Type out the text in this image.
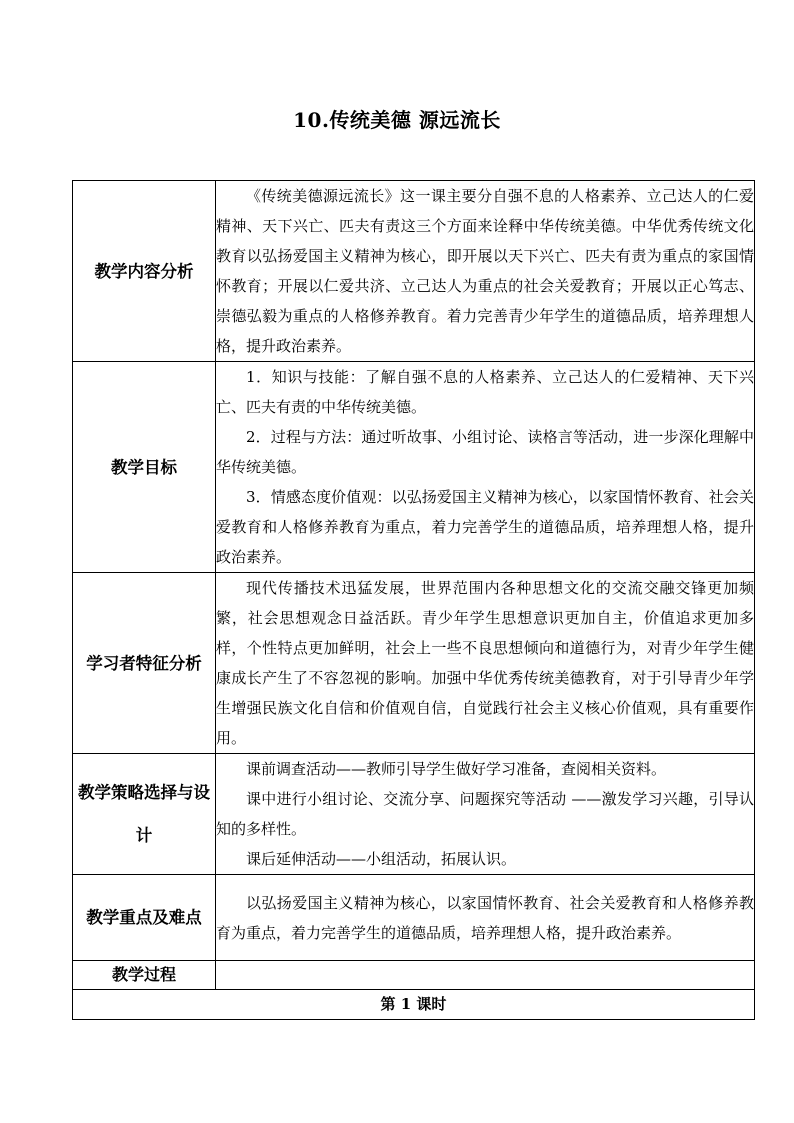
10.传统美德 源远流长
教学内容分析	《传统美德源远流长》这一课主要分自强不息的人格素养、立己达人的仁爱精神、天下兴亡、匹夫有责这三个方面来诠释中华传统美德。中华优秀传统文化教育以弘扬爱国主义精神为核心，即开展以天下兴亡、匹夫有责为重点的家国情怀教育；开展以仁爱共济、立己达人为重点的社会关爱教育；开展以正心笃志、崇德弘毅为重点的人格修养教育。着力完善青少年学生的道德品质，培养理想人格，提升政治素养。

教学目标	1．知识与技能：了解自强不息的人格素养、立己达人的仁爱精神、天下兴亡、匹夫有责的中华传统美德。

2．过程与方法：通过听故事、小组讨论、读格言等活动，进一步深化理解中华传统美德。

3．情感态度价值观：以弘扬爱国主义精神为核心，以家国情怀教育、社会关爱教育和人格修养教育为重点，着力完善学生的道德品质，培养理想人格，提升政治素养。

学习者特征分析	现代传播技术迅猛发展，世界范围内各种思想文化的交流交融交锋更加频繁，社会思想观念日益活跃。青少年学生思想意识更加自主，价值追求更加多样，个性特点更加鲜明，社会上一些不良思想倾向和道德行为，对青少年学生健康成长产生了不容忽视的影响。加强中华优秀传统美德教育，对于引导青少年学生增强民族文化自信和价值观自信，自觉践行社会主义核心价值观，具有重要作用。

教学策略选择与设计	课前调查活动——教师引导学生做好学习准备，查阅相关资料。

课中进行小组讨论、交流分享、问题探究等活动 ——激发学习兴趣，引导认知的多样性。

课后延伸活动——小组活动，拓展认识。

教学重点及难点	以弘扬爱国主义精神为核心，以家国情怀教育、社会关爱教育和人格修养教育为重点，着力完善学生的道德品质，培养理想人格，提升政治素养。

教学过程	
第 1 课时	
